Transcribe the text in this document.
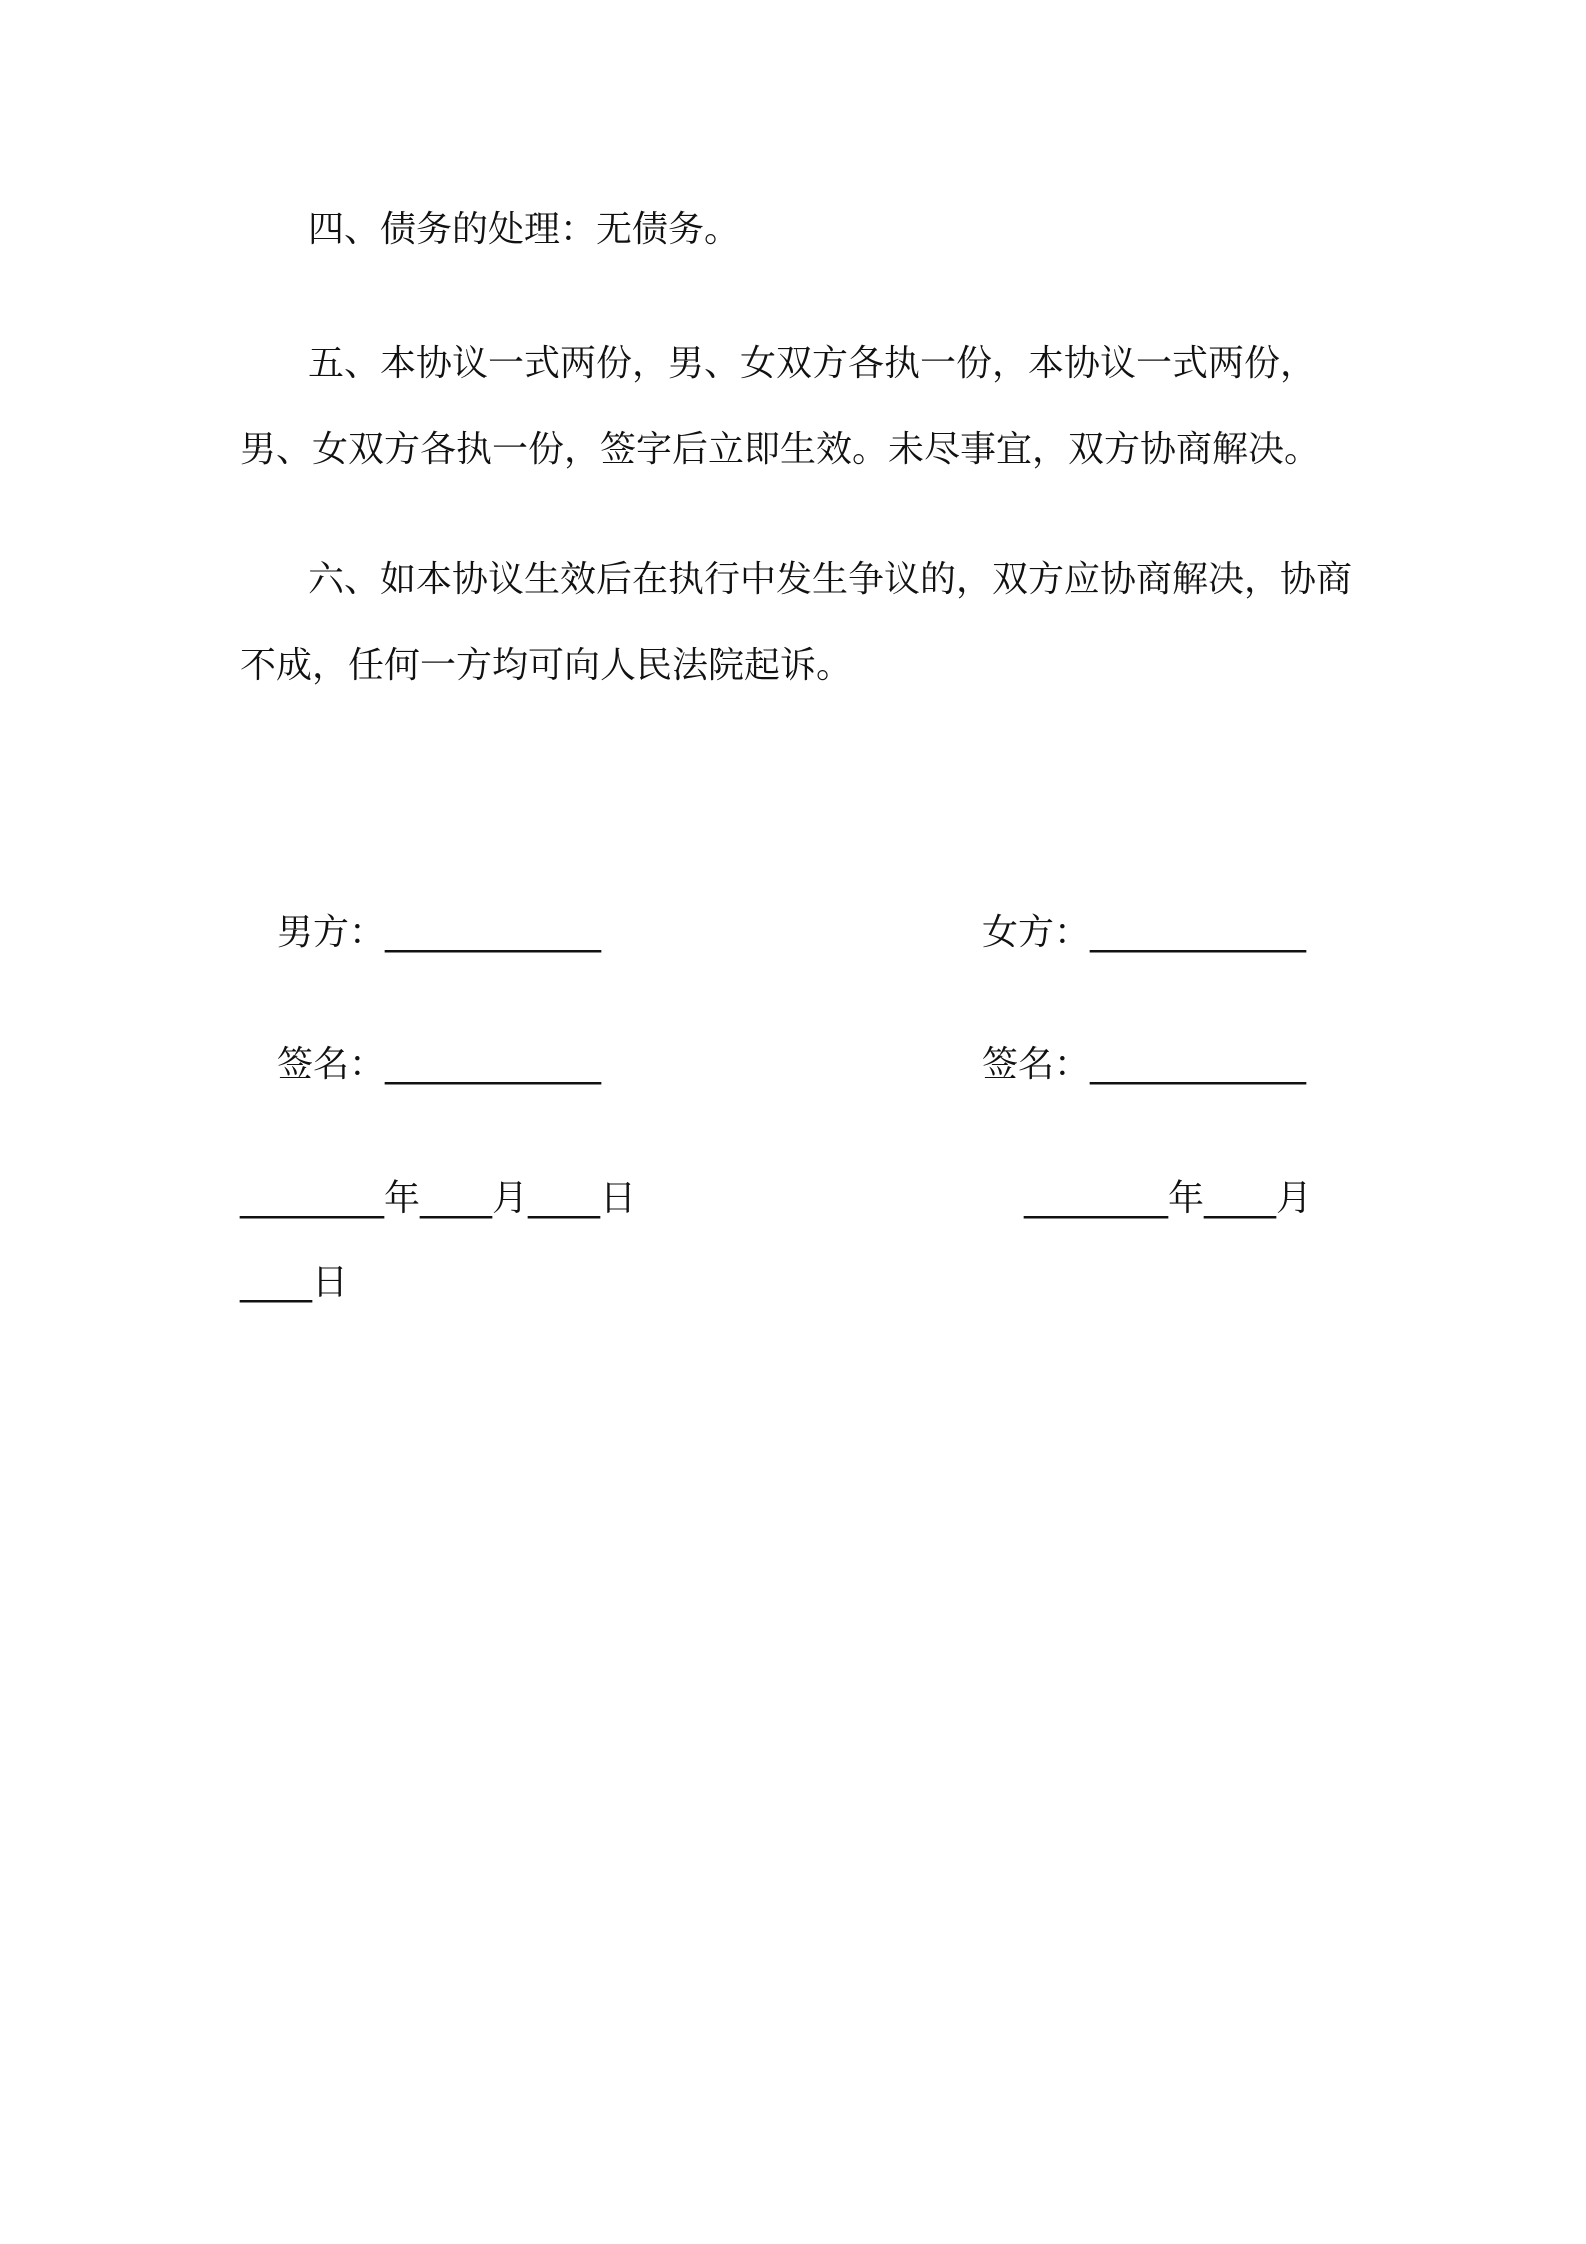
四、债务的处理：无债务。

五、本协议一式两份，男、女双方各执一份，本协议一式两份，男、女双方各执一份，签字后立即生效。未尽事宜，双方协商解决。

六、如本协议生效后在执行中发生争议的，双方应协商解决，协商不成，任何一方均可向人民法院起诉。

男方：____________	女方：____________
签名：____________	签名：____________
________年____月____日	________年____月
____日
